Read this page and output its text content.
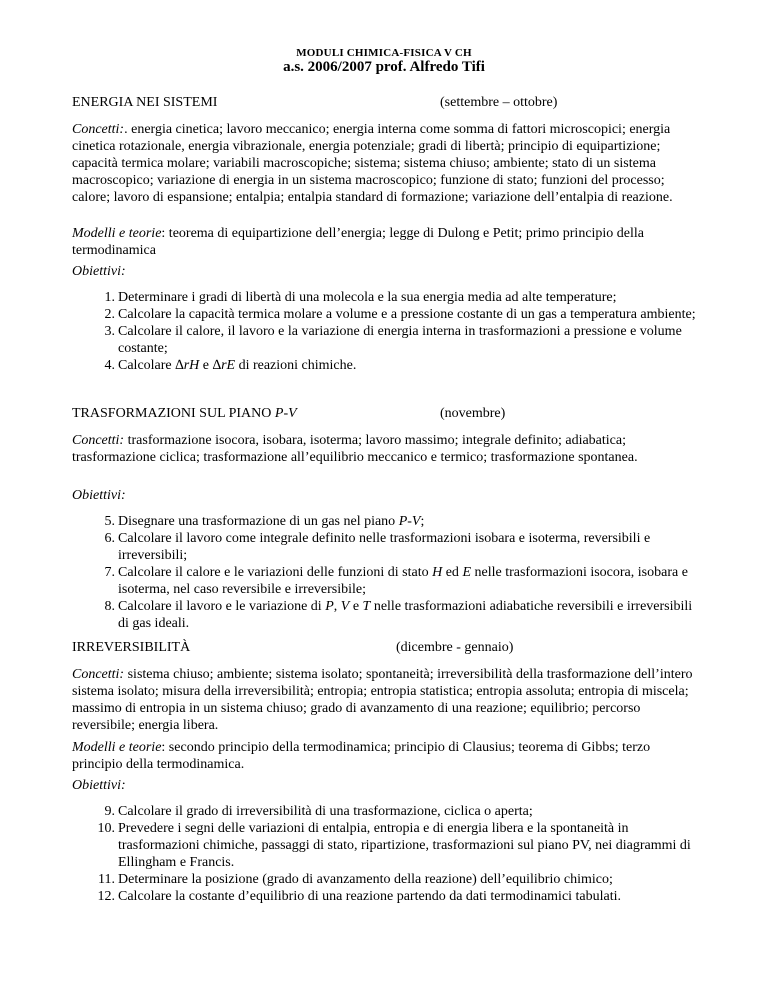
MODULI CHIMICA-FISICA V CH
a.s. 2006/2007 prof. Alfredo Tifi
ENERGIA NEI SISTEMI	(settembre – ottobre)
Concetti:. energia cinetica; lavoro meccanico; energia interna come somma di fattori microscopici; energia cinetica rotazionale, energia vibrazionale, energia potenziale; gradi di libertà; principio di equipartizione; capacità termica molare; variabili macroscopiche; sistema; sistema chiuso; ambiente; stato di un sistema macroscopico; variazione di energia in un sistema macroscopico; funzione di stato; funzioni del processo; calore; lavoro di espansione; entalpia; entalpia standard di formazione; variazione dell’entalpia di reazione.
Modelli e teorie: teorema di equipartizione dell’energia; legge di Dulong e Petit; primo principio della termodinamica
Obiettivi:
1. Determinare i gradi di libertà di una molecola e la sua energia media ad alte temperature;
2. Calcolare la capacità termica molare a volume e a pressione costante di un gas a temperatura ambiente;
3. Calcolare il calore, il lavoro e la variazione di energia interna in trasformazioni a pressione e volume costante;
4. Calcolare ∆rH e ∆rE di reazioni chimiche.
TRASFORMAZIONI SUL PIANO P-V	(novembre)
Concetti: trasformazione isocora, isobara, isoterma; lavoro massimo; integrale definito; adiabatica; trasformazione ciclica; trasformazione all’equilibrio meccanico e termico; trasformazione spontanea.
Obiettivi:
5. Disegnare una trasformazione di un gas nel piano P-V;
6. Calcolare il lavoro come integrale definito nelle trasformazioni isobara e isoterma, reversibili e irreversibili;
7. Calcolare il calore e le variazioni delle funzioni di stato H ed E nelle trasformazioni isocora, isobara e isoterma, nel caso reversibile e irreversibile;
8. Calcolare il lavoro e le variazione di P, V e T nelle trasformazioni adiabatiche reversibili e irreversibili di gas ideali.
IRREVERSIBILITÀ	(dicembre - gennaio)
Concetti: sistema chiuso; ambiente; sistema isolato; spontaneità; irreversibilità della trasformazione dell’intero sistema isolato; misura della irreversibilità; entropia; entropia statistica; entropia assoluta; entropia di miscela; massimo di entropia in un sistema chiuso; grado di avanzamento di una reazione; equilibrio; percorso reversibile; energia libera.
Modelli e teorie: secondo principio della termodinamica; principio di Clausius; teorema di Gibbs; terzo principio della termodinamica.
Obiettivi:
9. Calcolare il grado di irreversibilità di una trasformazione, ciclica o aperta;
10. Prevedere i segni delle variazioni di entalpia, entropia e di energia libera e la spontaneità in trasformazioni chimiche, passaggi di stato, ripartizione, trasformazioni sul piano PV, nei diagrammi di Ellingham e Francis.
11. Determinare la posizione (grado di avanzamento della reazione) dell’equilibrio chimico;
12. Calcolare la costante d’equilibrio di una reazione partendo da dati termodinamici tabulati.
